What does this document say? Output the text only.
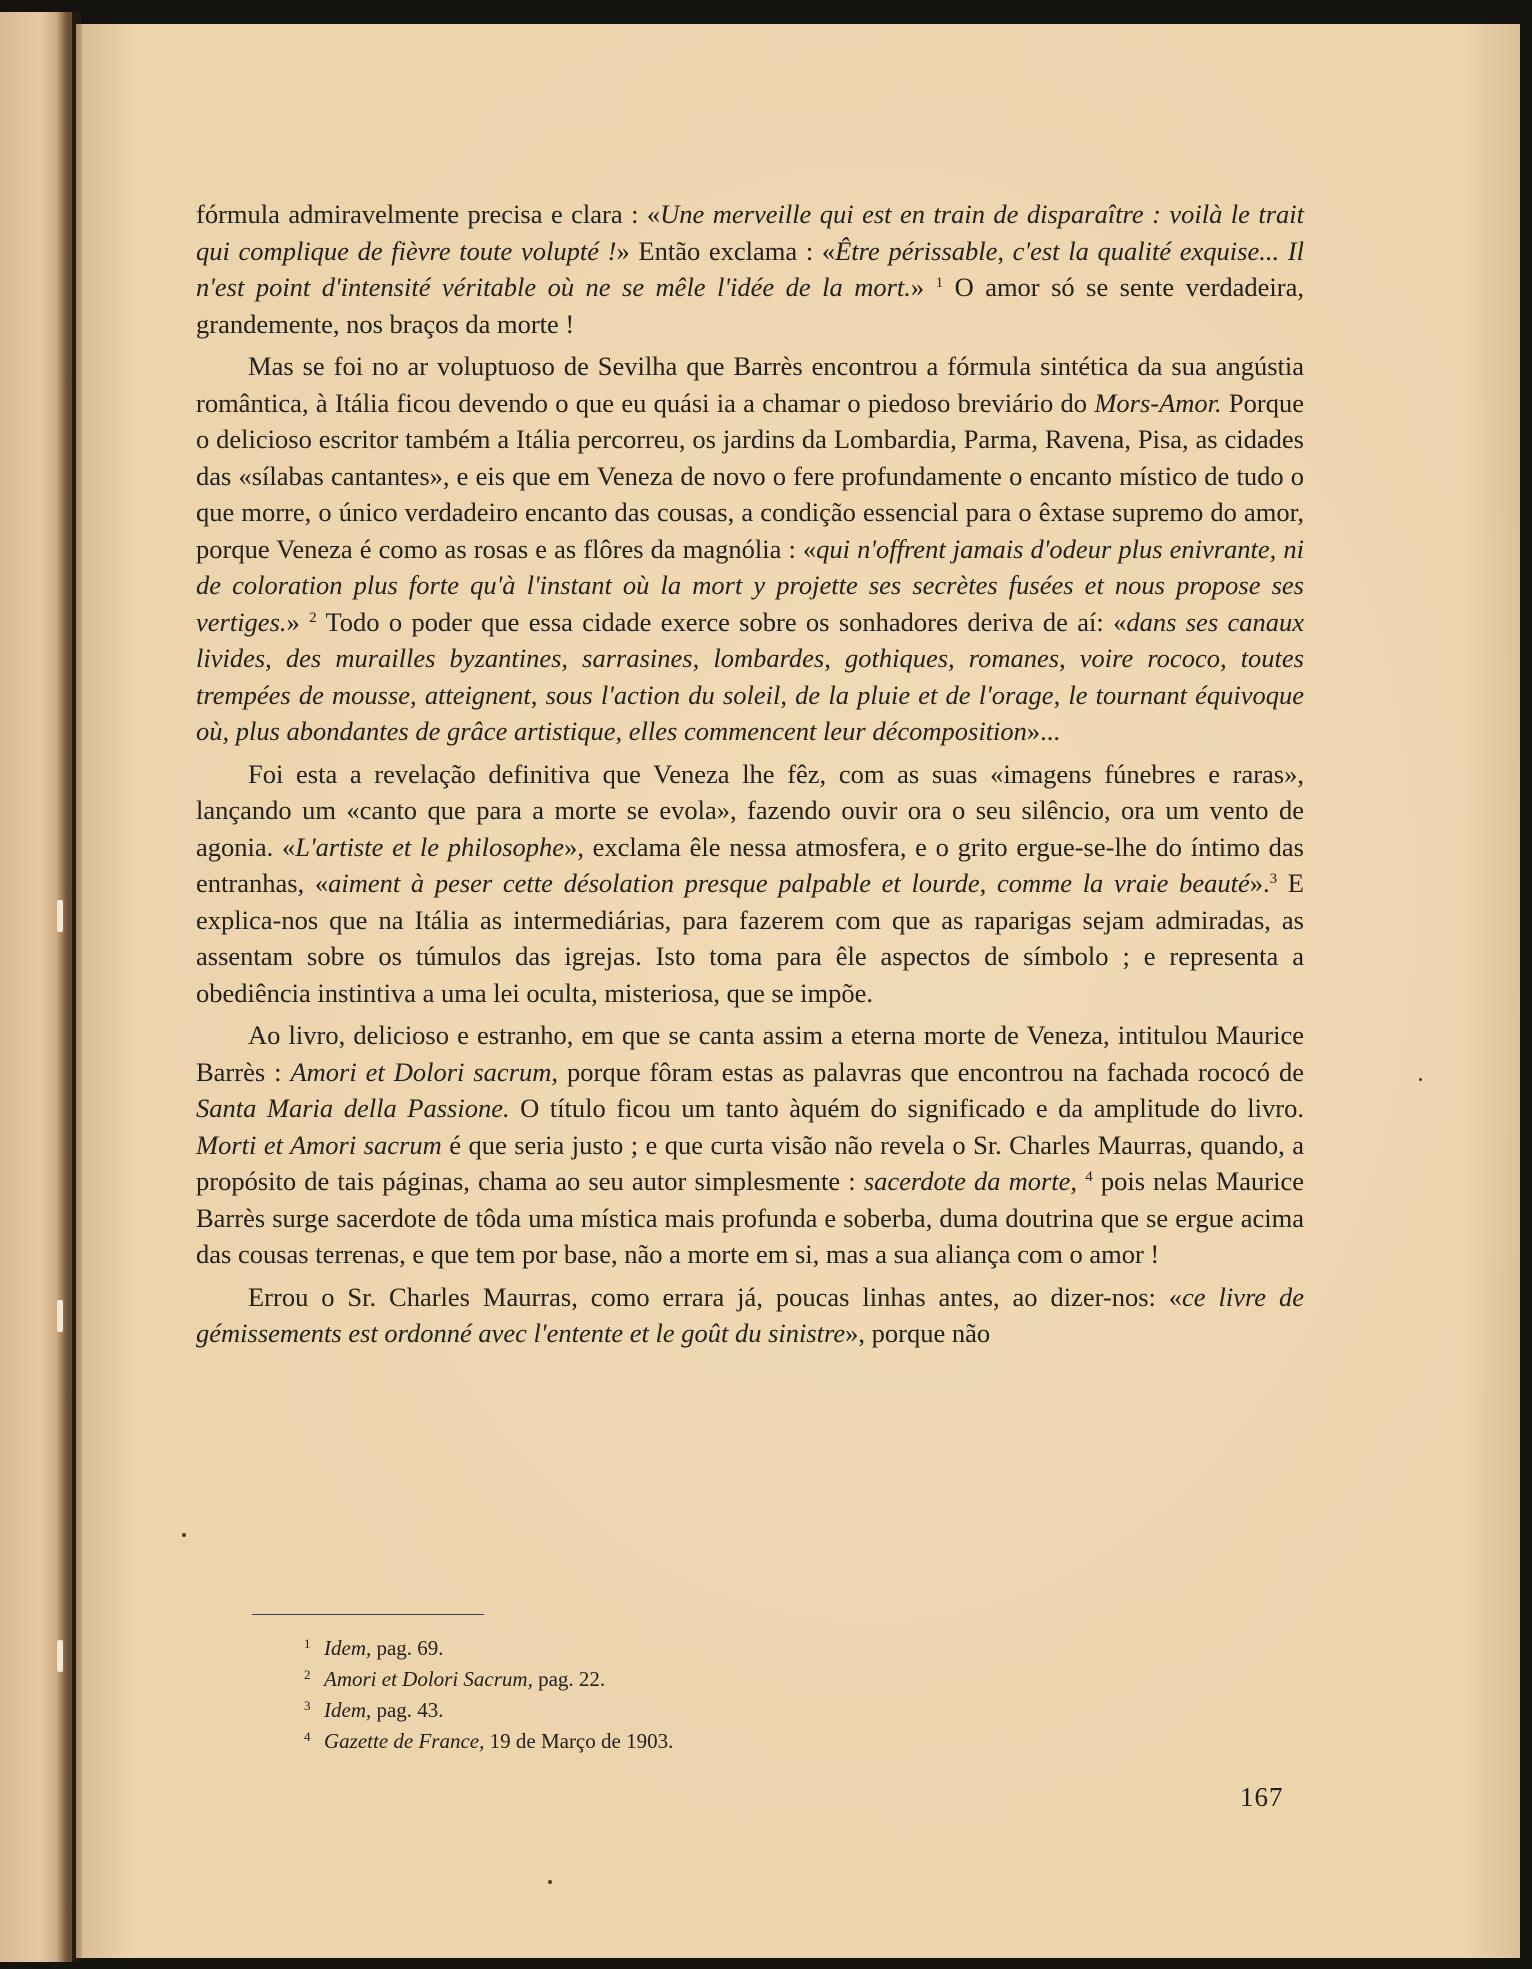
fórmula admiravelmente precisa e clara : «Une merveille qui est en train de disparaître : voilà le trait qui complique de fièvre toute volupté !» Então exclama : «Être périssable, c'est la qualité exquise... Il n'est point d'intensité véritable où ne se mêle l'idée de la mort.» $^1$ O amor só se sente verdadeira, grandemente, nos braços da morte !

Mas se foi no ar voluptuoso de Sevilha que Barrès encontrou a fórmula sintética da sua angústia romântica, à Itália ficou devendo o que eu quási ia a chamar o piedoso breviário do Mors-Amor. Porque o delicioso escritor também a Itália percorreu, os jardins da Lombardia, Parma, Ravena, Pisa, as cidades das «sílabas cantantes», e eis que em Veneza de novo o fere profundamente o encanto místico de tudo o que morre, o único verdadeiro encanto das cousas, a condição essencial para o êxtase supremo do amor, porque Veneza é como as rosas e as flôres da magnólia : «qui n'offrent jamais d'odeur plus enivrante, ni de coloration plus forte qu'à l'instant où la mort y projette ses secrètes fusées et nous propose ses vertiges.» $^2$ Todo o poder que essa cidade exerce sobre os sonhadores deriva de aí: «dans ses canaux livides, des murailles byzantines, sarrasines, lombardes, gothiques, romanes, voire rococo, toutes trempées de mousse, atteignent, sous l'action du soleil, de la pluie et de l'orage, le tournant équivoque où, plus abondantes de grâce artistique, elles commencent leur décomposition»...

Foi esta a revelação definitiva que Veneza lhe fêz, com as suas «imagens fúnebres e raras», lançando um «canto que para a morte se evola», fazendo ouvir ora o seu silêncio, ora um vento de agonia. «L'artiste et le philosophe», exclama êle nessa atmosfera, e o grito ergue-se-lhe do íntimo das entranhas, «aiment à peser cette désolation presque palpable et lourde, comme la vraie beauté».$^3$ E explica-nos que na Itália as intermediárias, para fazerem com que as raparigas sejam admiradas, as assentam sobre os túmulos das igrejas. Isto toma para êle aspectos de símbolo ; e representa a obediência instintiva a uma lei oculta, misteriosa, que se impõe.

Ao livro, delicioso e estranho, em que se canta assim a eterna morte de Veneza, intitulou Maurice Barrès : Amori et Dolori sacrum, porque fôram estas as palavras que encontrou na fachada rococó de Santa Maria della Passione. O título ficou um tanto àquém do significado e da amplitude do livro. Morti et Amori sacrum é que seria justo ; e que curta visão não revela o Sr. Charles Maurras, quando, a propósito de tais páginas, chama ao seu autor simplesmente : sacerdote da morte, $^4$ pois nelas Maurice Barrès surge sacerdote de tôda uma mística mais profunda e soberba, duma doutrina que se ergue acima das cousas terrenas, e que tem por base, não a morte em si, mas a sua aliança com o amor !

Errou o Sr. Charles Maurras, como errara já, poucas linhas antes, ao dizer-nos: «ce livre de gémissements est ordonné avec l'entente et le goût du sinistre», porque não

1 Idem, pag. 69.
2 Amori et Dolori Sacrum, pag. 22.
3 Idem, pag. 43.
4 Gazette de France, 19 de Março de 1903.
167
